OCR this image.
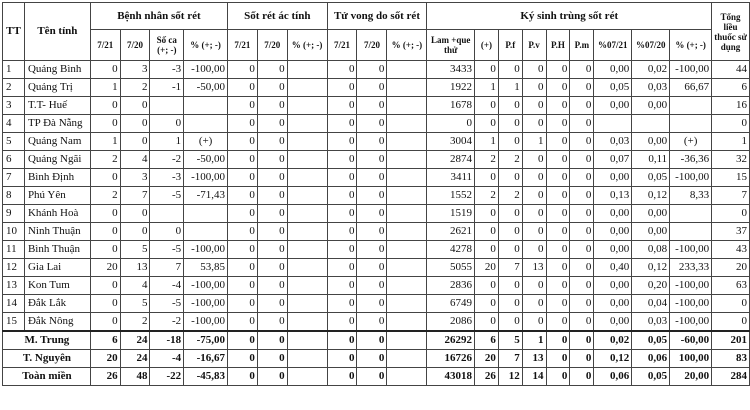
TT	Tên tỉnh	Bệnh nhân sốt rét				Sốt rét ác tính			Tử vong do sốt rét			Ký sinh trùng sốt rét									Tổng liều thuốc sử dụng
		7/21	7/20	Số ca (+; -)	% (+; -)	7/21	7/20	% (+; -)	7/21	7/20	% (+; -)	Lam +que thử	(+)	P.f	P.v	P.H	P.m	%07/21	%07/20	% (+; -)	
1	Quảng Bình	0	3	-3	-100,00	0	0		0	0		3433	0	0	0	0	0	0,00	0,02	-100,00	44
2	Quảng Trị	1	2	-1	-50,00	0	0		0	0		1922	1	1	0	0	0	0,05	0,03	66,67	6
3	T.T- Huế	0	0			0	0		0	0		1678	0	0	0	0	0	0,00	0,00		16
4	TP Đà Nẵng	0	0	0		0	0		0	0		0	0	0	0	0	0				0
5	Quảng Nam	1	0	1	(+)	0	0		0	0		3004	1	0	1	0	0	0,03	0,00	(+)	1
6	Quảng Ngãi	2	4	-2	-50,00	0	0		0	0		2874	2	2	0	0	0	0,07	0,11	-36,36	32
7	Bình Định	0	3	-3	-100,00	0	0		0	0		3411	0	0	0	0	0	0,00	0,05	-100,00	15
8	Phú Yên	2	7	-5	-71,43	0	0		0	0		1552	2	2	0	0	0	0,13	0,12	8,33	7
9	Khánh Hoà	0	0			0	0		0	0		1519	0	0	0	0	0	0,00	0,00		0
10	Ninh Thuận	0	0	0		0	0		0	0		2621	0	0	0	0	0	0,00	0,00		37
11	Bình Thuận	0	5	-5	-100,00	0	0		0	0		4278	0	0	0	0	0	0,00	0,08	-100,00	43
12	Gia Lai	20	13	7	53,85	0	0		0	0		5055	20	7	13	0	0	0,40	0,12	233,33	20
13	Kon Tum	0	4	-4	-100,00	0	0		0	0		2836	0	0	0	0	0	0,00	0,20	-100,00	63
14	Đắk Lắk	0	5	-5	-100,00	0	0		0	0		6749	0	0	0	0	0	0,00	0,04	-100,00	0
15	Đắk Nông	0	2	-2	-100,00	0	0		0	0		2086	0	0	0	0	0	0,00	0,03	-100,00	0
M. Trung		6	24	-18	-75,00	0	0		0	0		26292	6	5	1	0	0	0,02	0,05	-60,00	201
T. Nguyên		20	24	-4	-16,67	0	0		0	0		16726	20	7	13	0	0	0,12	0,06	100,00	83
Toàn miền		26	48	-22	-45,83	0	0		0	0		43018	26	12	14	0	0	0,06	0,05	20,00	284
